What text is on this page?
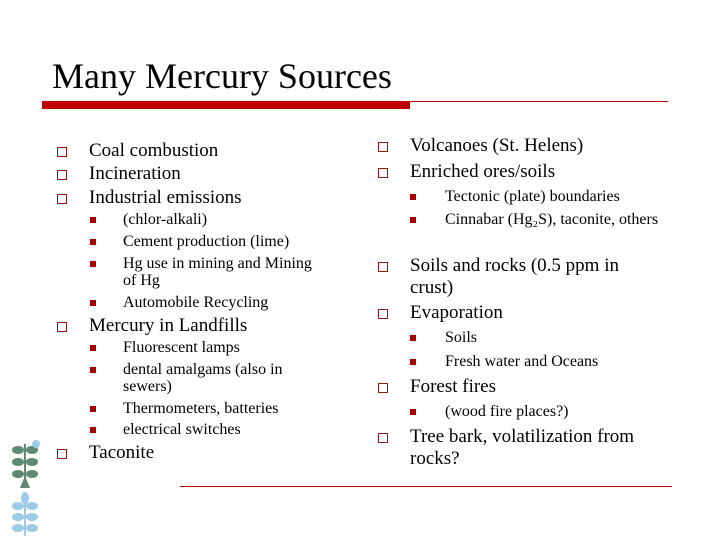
Many Mercury Sources
Coal combustion
Incineration
Industrial emissions
(chlor-alkali)
Cement production (lime)
Hg use in mining and Mining of Hg
Automobile Recycling
Mercury in Landfills
Fluorescent lamps
dental amalgams (also in sewers)
Thermometers, batteries
electrical switches
Taconite
Volcanoes (St. Helens)
Enriched ores/soils
Tectonic (plate) boundaries
Cinnabar (Hg₂S), taconite, others
Soils and rocks (0.5 ppm in crust)
Evaporation
Soils
Fresh water and Oceans
Forest fires
(wood fire places?)
Tree bark, volatilization from rocks?
